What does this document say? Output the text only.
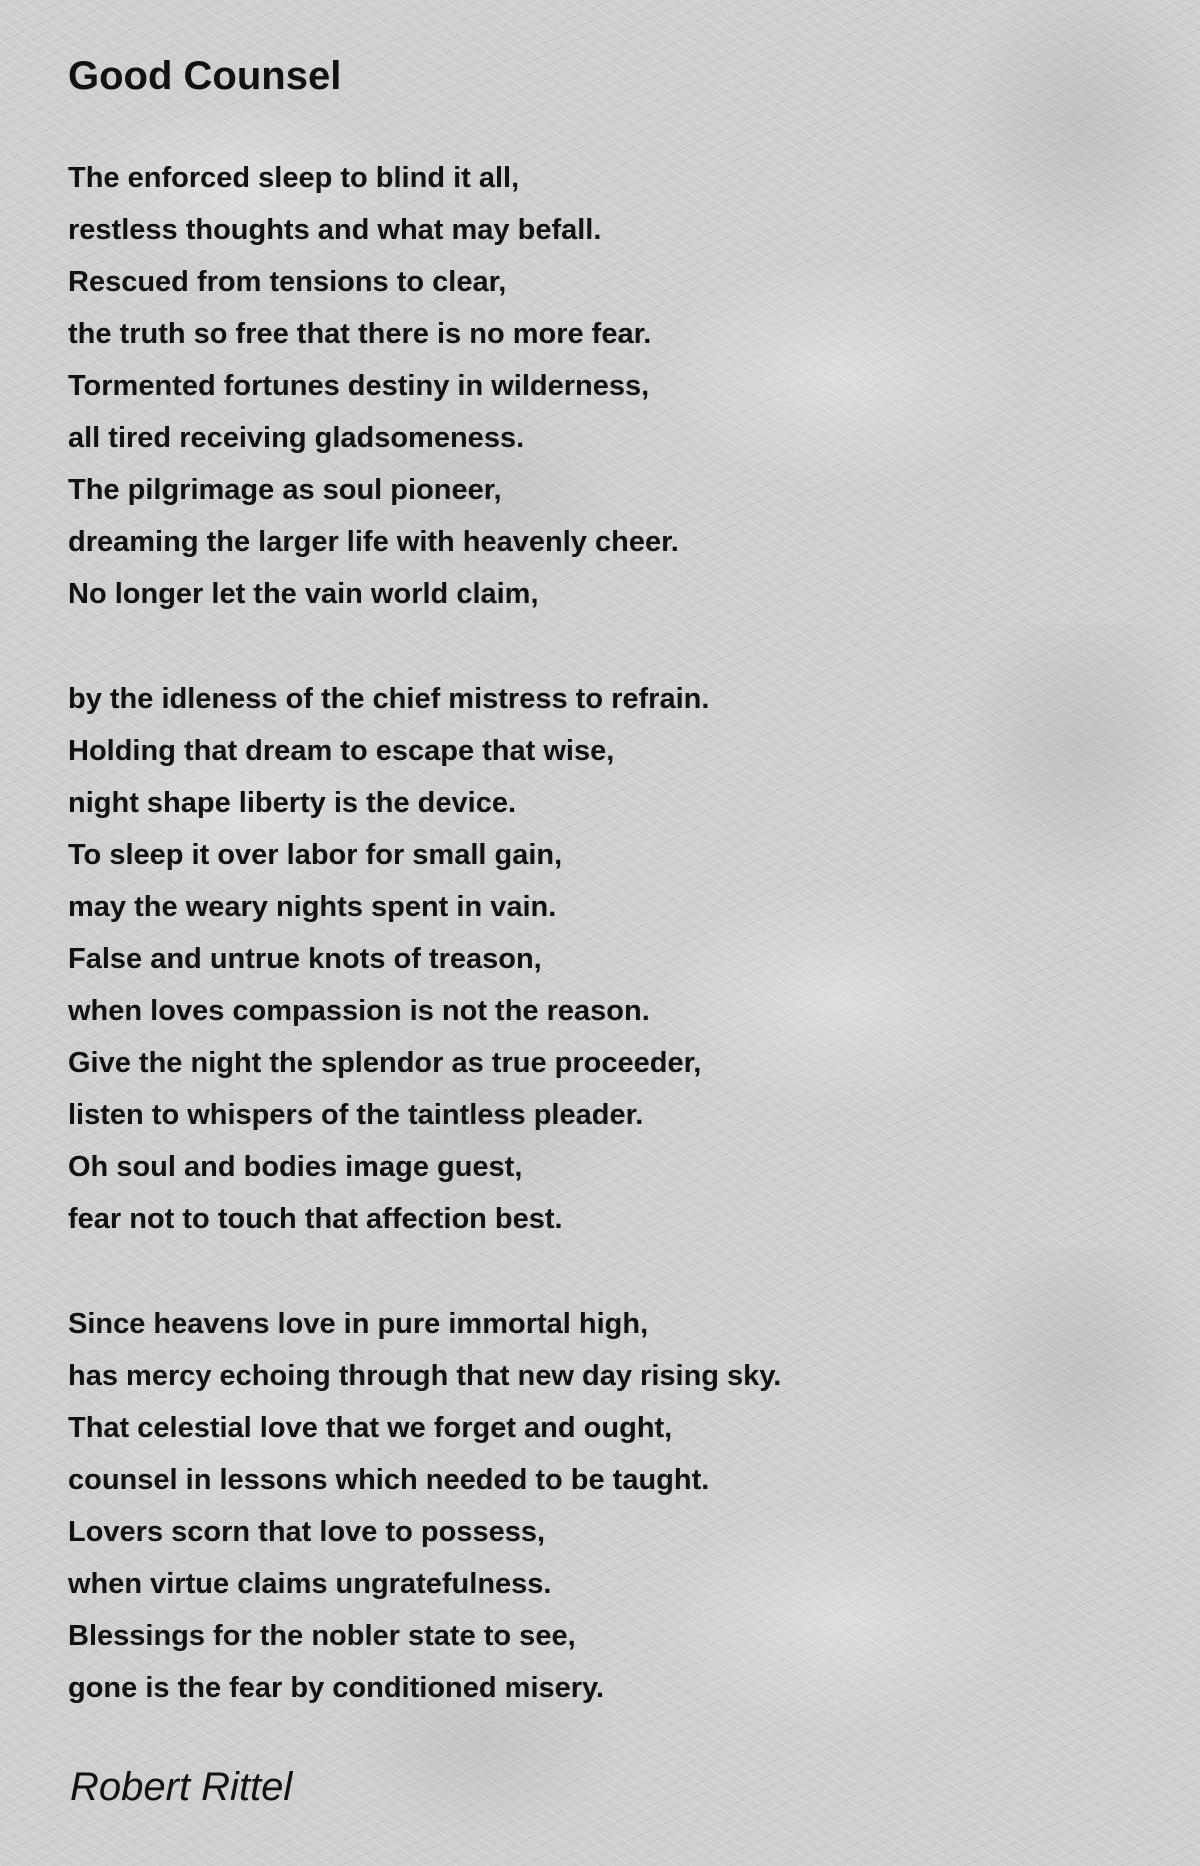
Good Counsel
The enforced sleep to blind it all,
restless thoughts and what may befall.
Rescued from tensions to clear,
the truth so free that there is no more fear.
Tormented fortunes destiny in wilderness,
all tired receiving gladsomeness.
The pilgrimage as soul pioneer,
dreaming the larger life with heavenly cheer.
No longer let the vain world claim,
by the idleness of the chief mistress to refrain.
Holding that dream to escape that wise,
night shape liberty is the device.
To sleep it over labor for small gain,
may the weary nights spent in vain.
False and untrue knots of treason,
when loves compassion is not the reason.
Give the night the splendor as true proceeder,
listen to whispers of the taintless pleader.
Oh soul and bodies image guest,
fear not to touch that affection best.
Since heavens love in pure immortal high,
has mercy echoing through that new day rising sky.
That celestial love that we forget and ought,
counsel in lessons which needed to be taught.
Lovers scorn that love to possess,
when virtue claims ungratefulness.
Blessings for the nobler state to see,
gone is the fear by conditioned misery.

Robert Rittel
